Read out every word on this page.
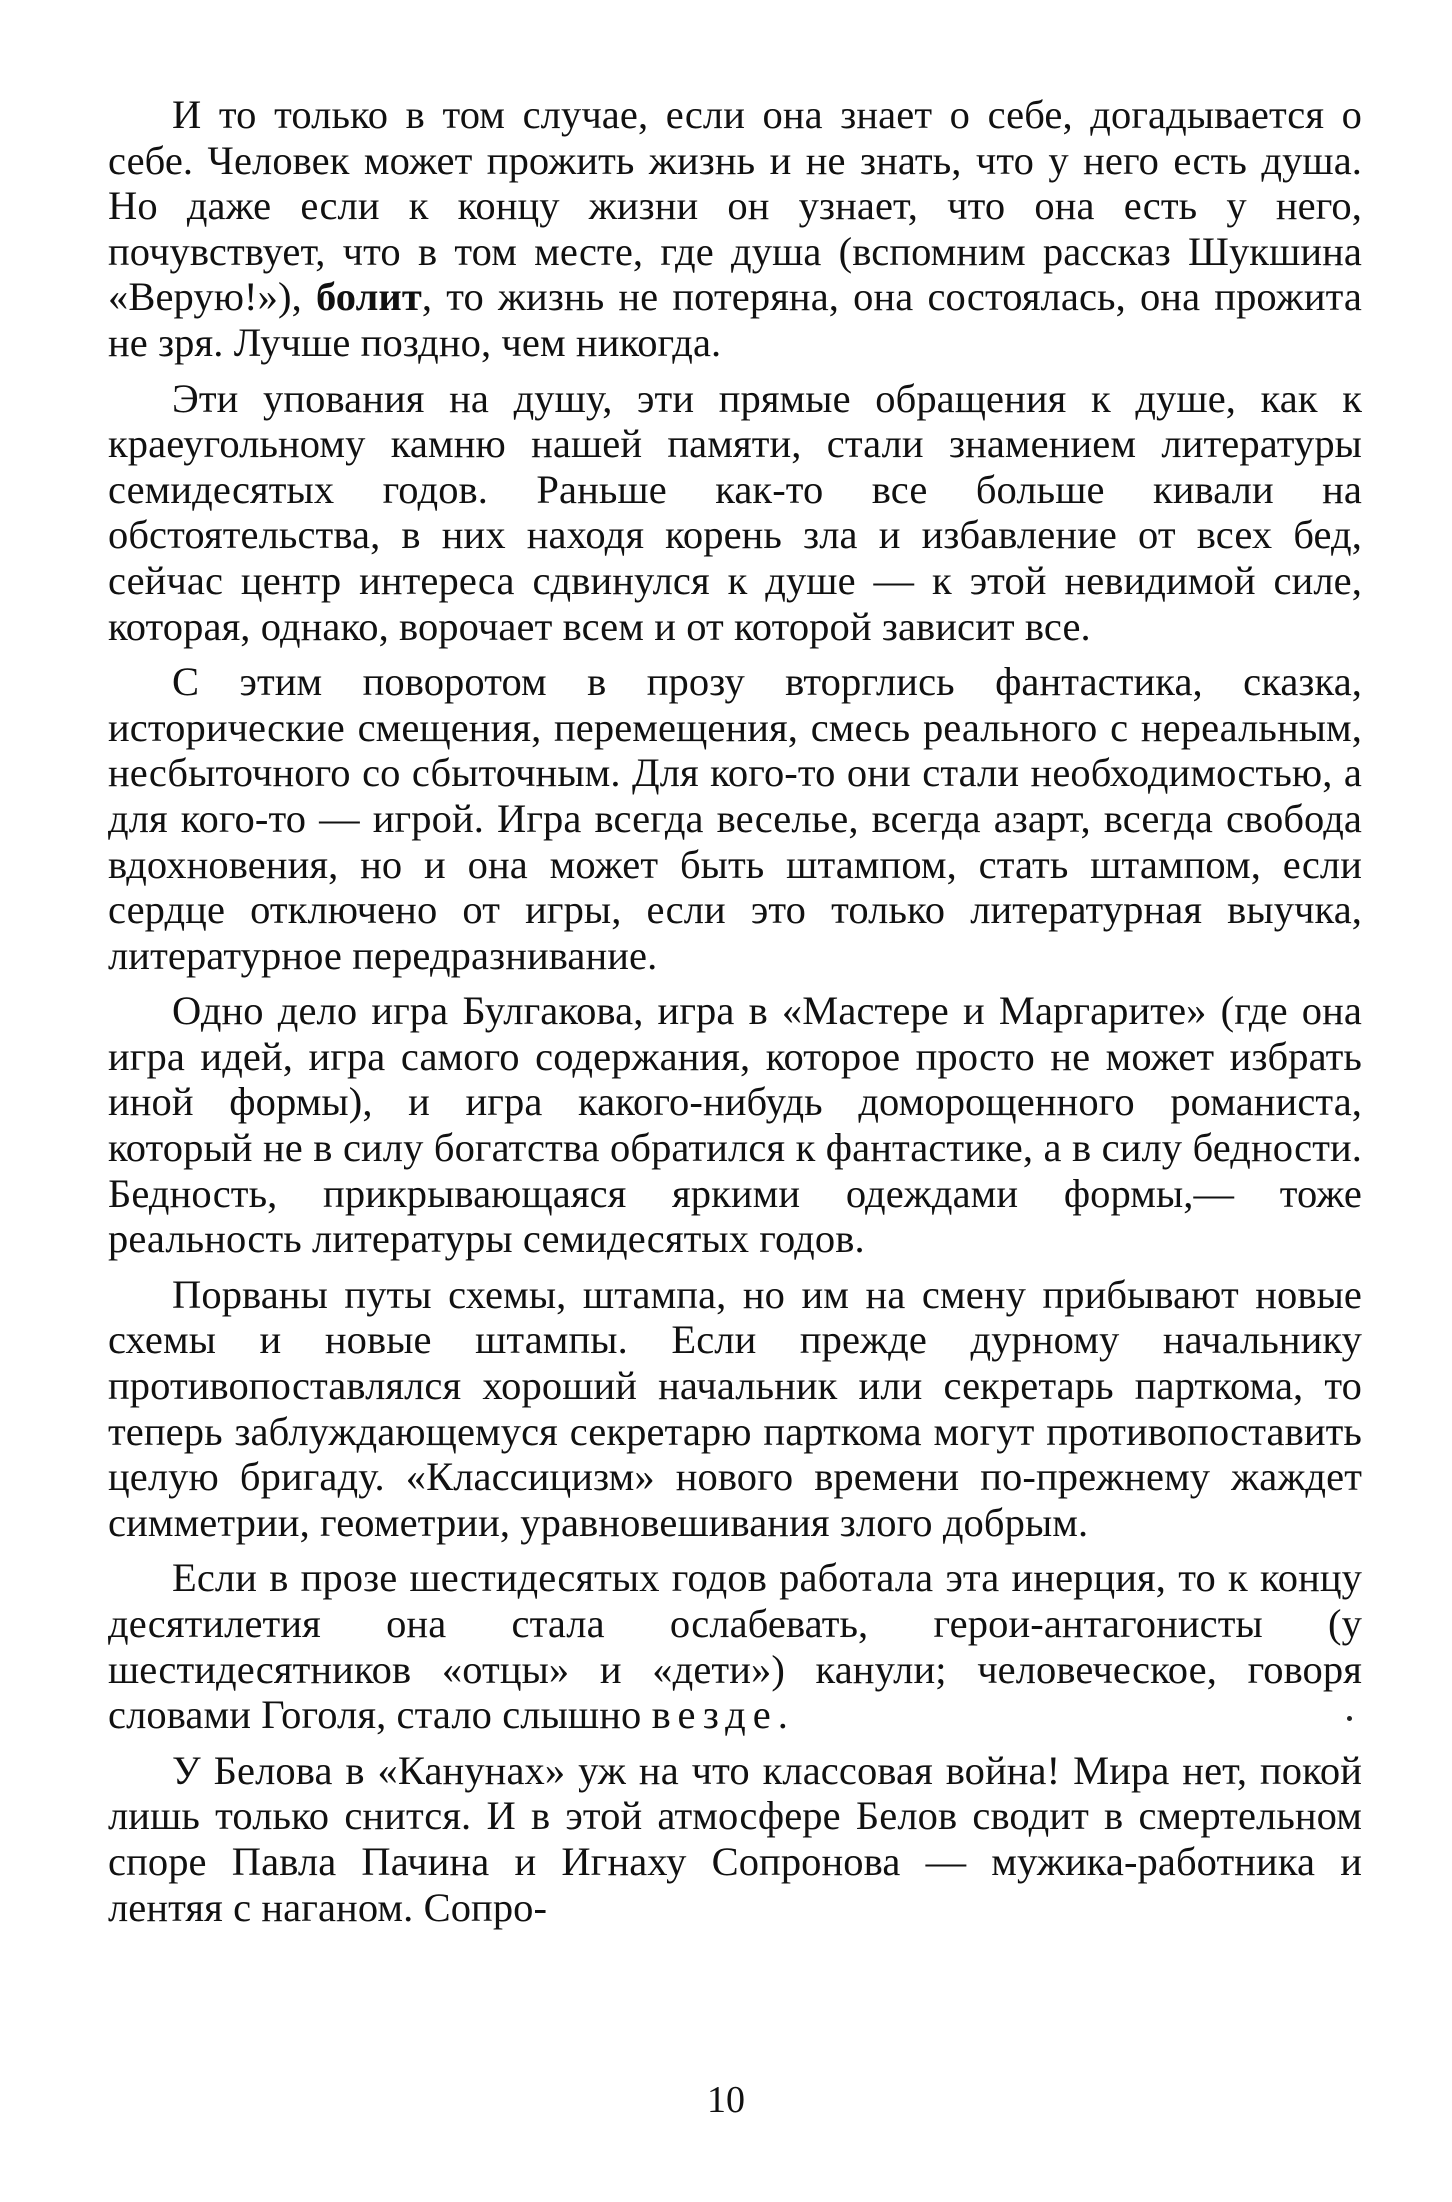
И то только в том случае, если она знает о себе, догадывается о себе. Человек может прожить жизнь и не знать, что у него есть душа. Но даже если к концу жизни он узнает, что она есть у него, почувствует, что в том месте, где душа (вспомним рассказ Шукшина «Верую!»), болит, то жизнь не потеряна, она состоялась, она прожита не зря. Лучше поздно, чем никогда.

Эти упования на душу, эти прямые обращения к душе, как к краеугольному камню нашей памяти, стали знамением литературы семидесятых годов. Раньше как-то все больше кивали на обстоятельства, в них находя корень зла и избавление от всех бед, сейчас центр интереса сдвинулся к душе — к этой невидимой силе, которая, однако, ворочает всем и от которой зависит все.

С этим поворотом в прозу вторглись фантастика, сказка, исторические смещения, перемещения, смесь реального с нереальным, несбыточного со сбыточным. Для кого-то они стали необходимостью, а для кого-то — игрой. Игра всегда веселье, всегда азарт, всегда свобода вдохновения, но и она может быть штампом, стать штампом, если сердце отключено от игры, если это только литературная выучка, литературное передразнивание.

Одно дело игра Булгакова, игра в «Мастере и Маргарите» (где она игра идей, игра самого содержания, которое просто не может избрать иной формы), и игра какого-нибудь доморощенного романиста, который не в силу богатства обратился к фантастике, а в силу бедности. Бедность, прикрывающаяся яркими одеждами формы,— тоже реальность литературы семидесятых годов.

Порваны путы схемы, штампа, но им на смену прибывают новые схемы и новые штампы. Если прежде дурному начальнику противопоставлялся хороший начальник или секретарь парткома, то теперь заблуждающемуся секретарю парткома могут противопоставить целую бригаду. «Классицизм» нового времени по-прежнему жаждет симметрии, геометрии, уравновешивания злого добрым.

Если в прозе шестидесятых годов работала эта инерция, то к концу десятилетия она стала ослабевать, герои-антагонисты (у шестидесятников «отцы» и «дети») канули; человеческое, говоря словами Гоголя, стало слышно везде.

У Белова в «Канунах» уж на что классовая война! Мира нет, покой лишь только снится. И в этой атмосфере Белов сводит в смертельном споре Павла Пачина и Игнаху Сопронова — мужика-работника и лентяя с наганом. Сопро-

10
